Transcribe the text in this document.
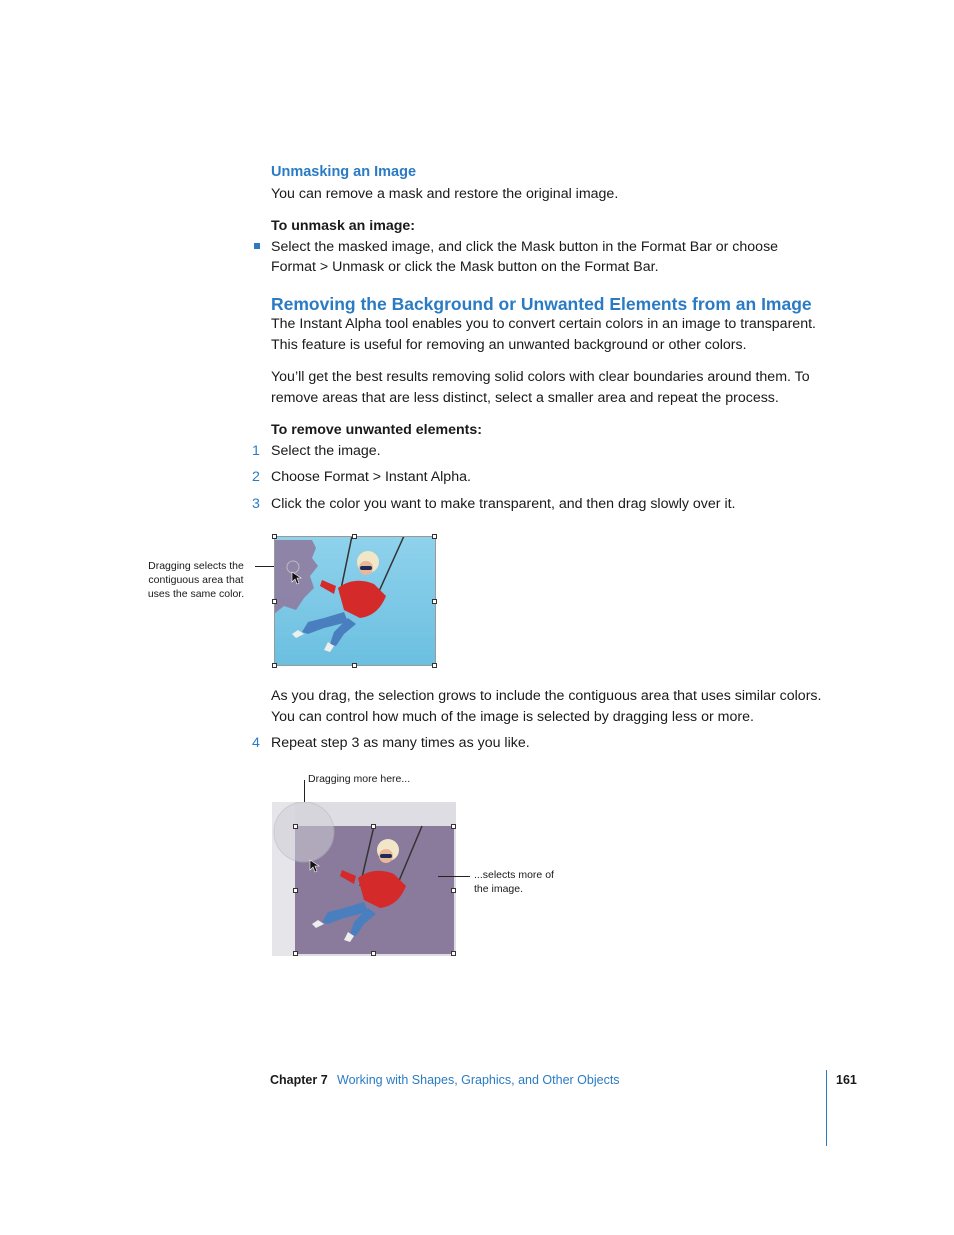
Unmasking an Image
You can remove a mask and restore the original image.
To unmask an image:
Select the masked image, and click the Mask button in the Format Bar or choose
Format > Unmask or click the Mask button on the Format Bar.
Removing the Background or Unwanted Elements from an Image
The Instant Alpha tool enables you to convert certain colors in an image to transparent.
This feature is useful for removing an unwanted background or other colors.
You’ll get the best results removing solid colors with clear boundaries around them. To
remove areas that are less distinct, select a smaller area and repeat the process.
To remove unwanted elements:
1 Select the image.
2 Choose Format > Instant Alpha.
3 Click the color you want to make transparent, and then drag slowly over it.
Dragging selects the
contiguous area that
uses the same color.
As you drag, the selection grows to include the contiguous area that uses similar colors.
You can control how much of the image is selected by dragging less or more.
4 Repeat step 3 as many times as you like.
Dragging more here...
...selects more of
the image.
Chapter 7 Working with Shapes, Graphics, and Other Objects	161
